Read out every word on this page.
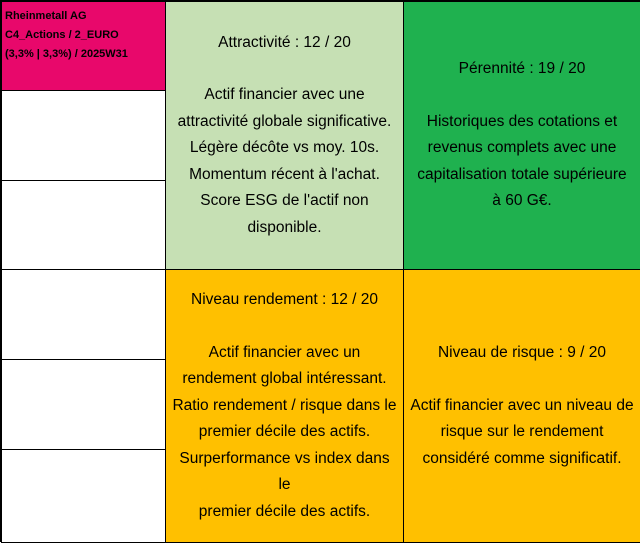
Rheinmetall AG
C4_Actions / 2_EURO
(3,3% | 3,3%) / 2025W31
Attractivité : 12 / 20
Actif financier avec une
attractivité globale significative.
Légère décôte vs moy. 10s.
Momentum récent à l'achat.
Score ESG de l'actif non
disponible.
Pérennité : 19 / 20
Historiques des cotations et
revenus complets avec une
capitalisation totale supérieure
à 60 G€.
Niveau rendement : 12 / 20
Actif financier avec un
rendement global intéressant.
Ratio rendement / risque dans le
premier décile des actifs.
Surperformance vs index dans le
premier décile des actifs.
Niveau de risque : 9 / 20
Actif financier avec un niveau de
risque sur le rendement
considéré comme significatif.
